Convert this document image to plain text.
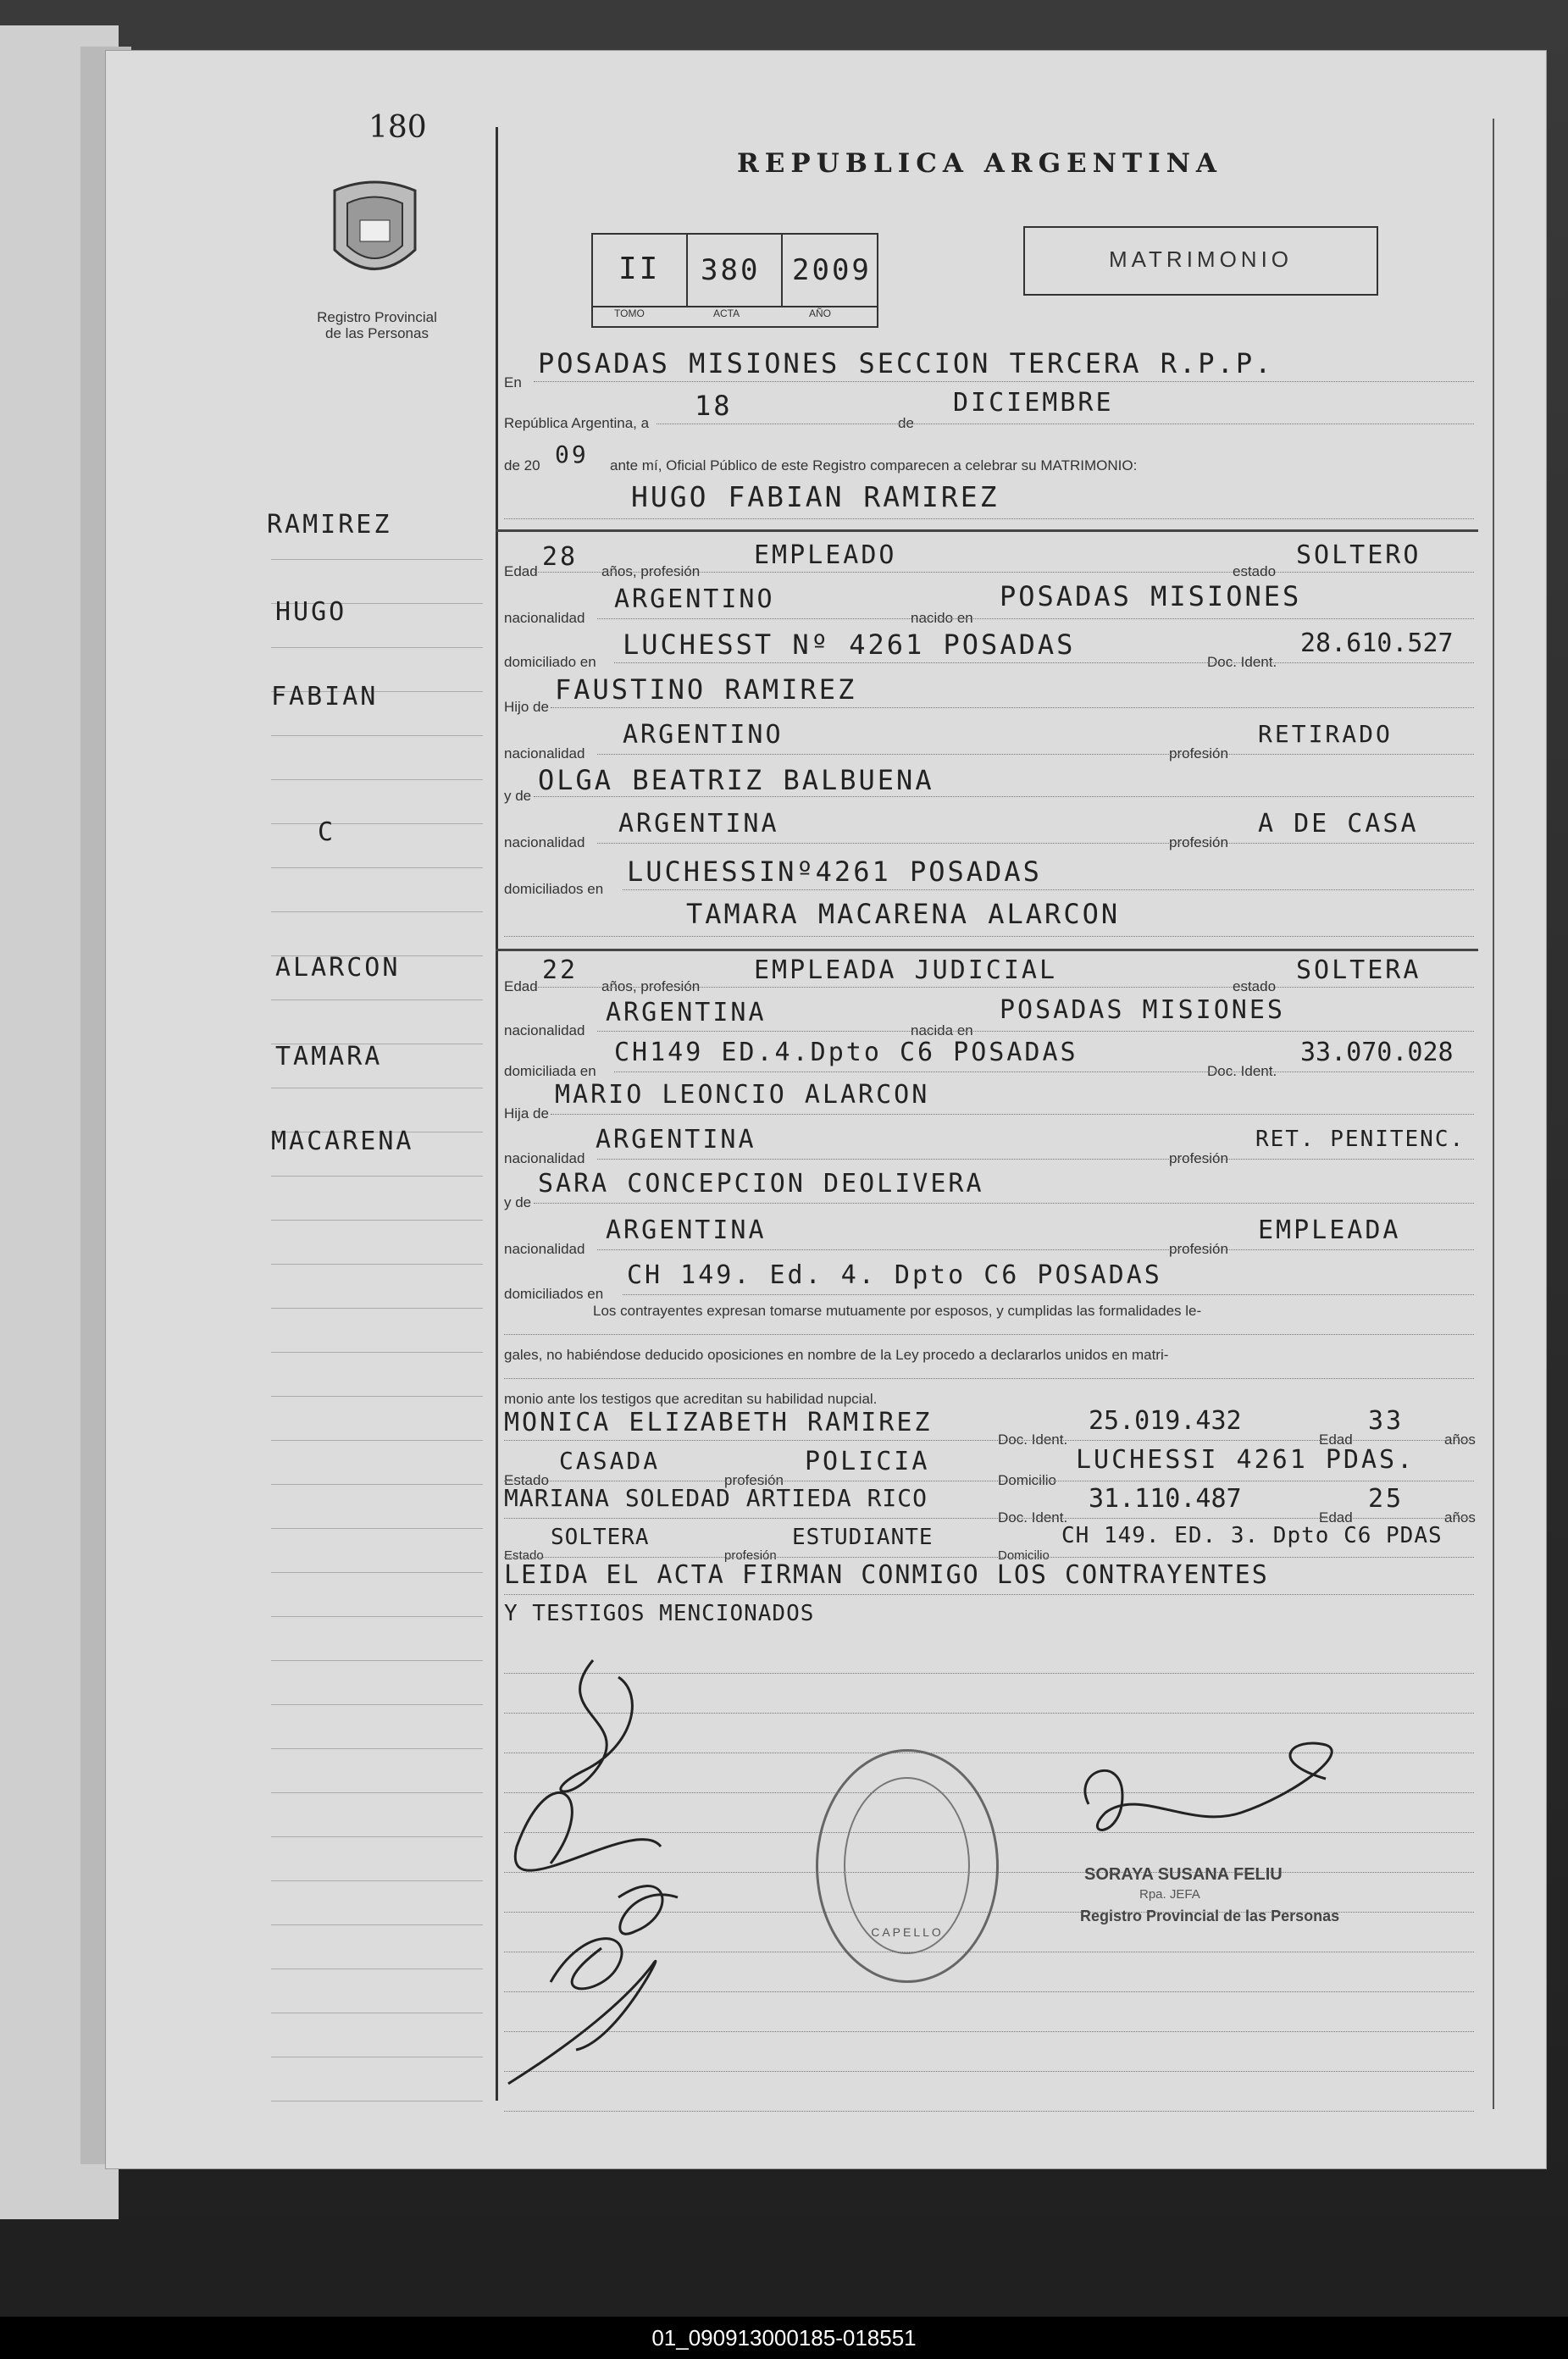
180
Registro Provincial
de las Personas
RAMIREZ
HUGO
FABIAN
C
ALARCON
TAMARA
MACARENA
REPUBLICA ARGENTINA
II 380 2009
TOMO	ACTA	AÑO
MATRIMONIO
En
POSADAS MISIONES SECCION TERCERA R.P.P.
República Argentina, a
18
de
DICIEMBRE
de 20 09 ante mí, Oficial Público de este Registro comparecen a celebrar su MATRIMONIO:
HUGO FABIAN RAMIREZ
Edad 28 años, profesión
EMPLEADO
estado
SOLTERO
nacionalidad
ARGENTINO
nacido en
POSADAS MISIONES
domiciliado en
LUCHESST Nº 4261 POSADAS
Doc. Ident.
28.610.527
Hijo de
FAUSTINO RAMIREZ
nacionalidad
ARGENTINO
profesión
RETIRADO
y de OLGA BEATRIZ BALBUENA
nacionalidad
ARGENTINA
profesión
A DE CASA
domiciliados en
LUCHESSINº4261 POSADAS
TAMARA MACARENA ALARCON
Edad
22
años, profesión
EMPLEADA JUDICIAL
estado
SOLTERA
nacionalidad
ARGENTINA
nacida en
POSADAS MISIONES
domiciliada en
CH149 ED.4.Dpto C6 POSADAS
Doc. Ident.
33.070.028
Hija de
MARIO LEONCIO ALARCON
nacionalidad
ARGENTINA
profesión
RET. PENITENC.
y de
SARA CONCEPCION DEOLIVERA
nacionalidad
ARGENTINA
profesión
EMPLEADA
domiciliados en
CH 149. Ed. 4. Dpto C6 POSADAS
Los contrayentes expresan tomarse mutuamente por esposos, y cumplidas las formalidades le-
gales, no habiéndose deducido oposiciones en nombre de la Ley procedo a declararlos unidos en matri-
monio ante los testigos que acreditan su habilidad nupcial.
MONICA ELIZABETH RAMIREZ
Doc. Ident.
25.019.432
Edad
33
años
Estado
CASADA
profesión
POLICIA
Domicilio
LUCHESSI 4261 PDAS.
MARIANA SOLEDAD ARTIEDA RICO
Doc. Ident.
31.110.487
Edad
25
años
Estado
SOLTERA
profesión
ESTUDIANTE
Domicilio
CH 149. ED. 3. Dpto C6 PDAS
LEIDA EL ACTA FIRMAN CONMIGO LOS CONTRAYENTES
Y TESTIGOS MENCIONADOS
CAPELLO
SORAYA SUSANA FELIU
Rpa. JEFA
Registro Provincial de las Personas
01_090913000185-018551
